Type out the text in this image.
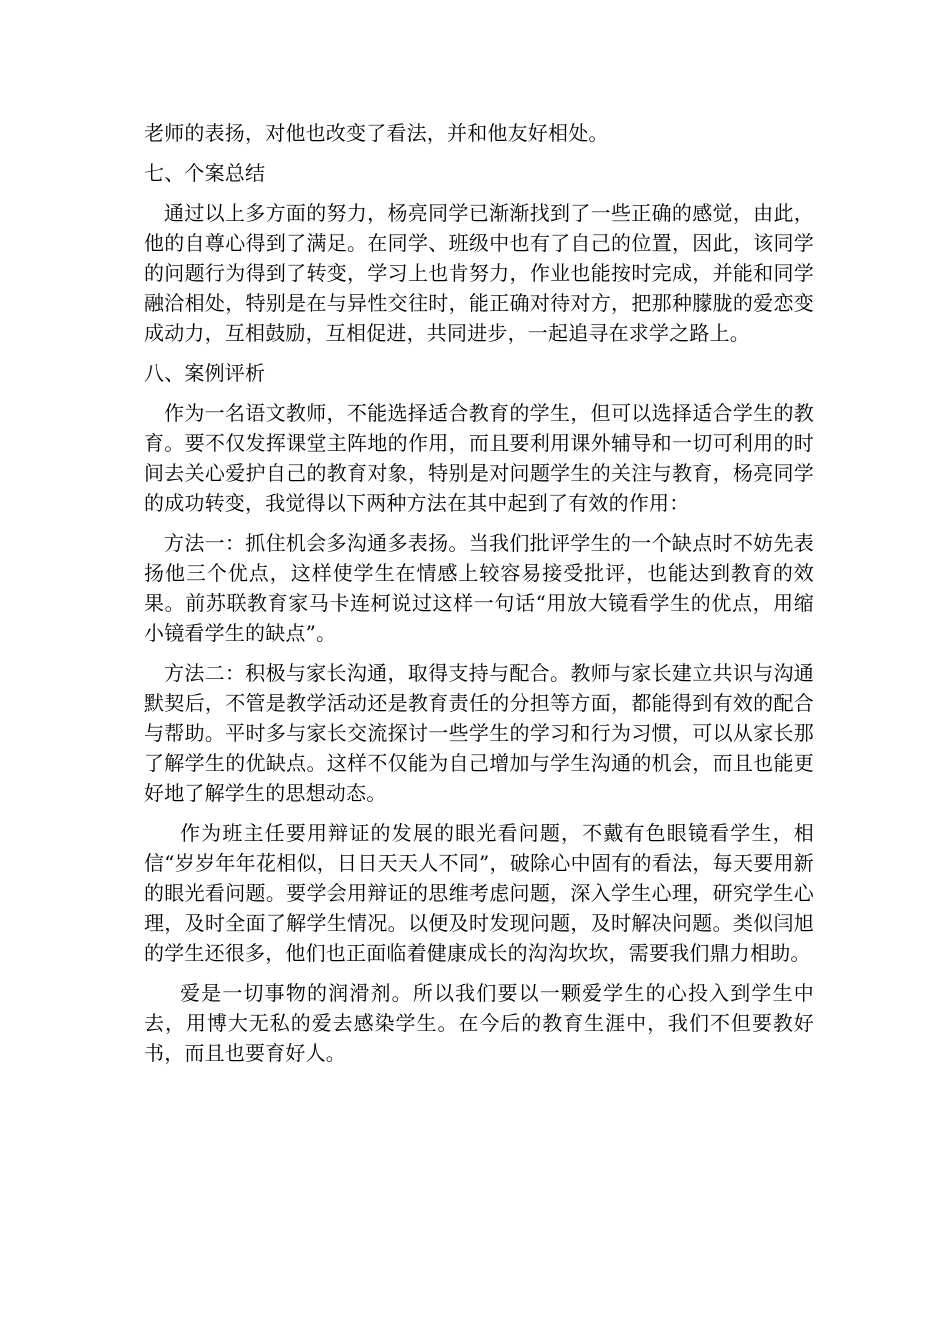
老师的表扬，对他也改变了看法，并和他友好相处。

七、个案总结

通过以上多方面的努力，杨亮同学已渐渐找到了一些正确的感觉，由此，他的自尊心得到了满足。在同学、班级中也有了自己的位置，因此，该同学的问题行为得到了转变，学习上也肯努力，作业也能按时完成，并能和同学融洽相处，特别是在与异性交往时，能正确对待对方，把那种朦胧的爱恋变成动力，互相鼓励，互相促进，共同进步，一起追寻在求学之路上。

八、案例评析

作为一名语文教师，不能选择适合教育的学生，但可以选择适合学生的教育。要不仅发挥课堂主阵地的作用，而且要利用课外辅导和一切可利用的时间去关心爱护自己的教育对象，特别是对问题学生的关注与教育，杨亮同学的成功转变，我觉得以下两种方法在其中起到了有效的作用：

方法一：抓住机会多沟通多表扬。当我们批评学生的一个缺点时不妨先表扬他三个优点，这样使学生在情感上较容易接受批评，也能达到教育的效果。前苏联教育家马卡连柯说过这样一句话“用放大镜看学生的优点，用缩小镜看学生的缺点”。

方法二：积极与家长沟通，取得支持与配合。教师与家长建立共识与沟通默契后，不管是教学活动还是教育责任的分担等方面，都能得到有效的配合与帮助。平时多与家长交流探讨一些学生的学习和行为习惯，可以从家长那了解学生的优缺点。这样不仅能为自己增加与学生沟通的机会，而且也能更好地了解学生的思想动态。

作为班主任要用辩证的发展的眼光看问题，不戴有色眼镜看学生，相信“岁岁年年花相似，日日天天人不同”，破除心中固有的看法，每天要用新的眼光看问题。要学会用辩证的思维考虑问题，深入学生心理，研究学生心理，及时全面了解学生情况。以便及时发现问题，及时解决问题。类似闫旭的学生还很多，他们也正面临着健康成长的沟沟坎坎，需要我们鼎力相助。

爱是一切事物的润滑剂。所以我们要以一颗爱学生的心投入到学生中去，用博大无私的爱去感染学生。在今后的教育生涯中，我们不但要教好书，而且也要育好人。
